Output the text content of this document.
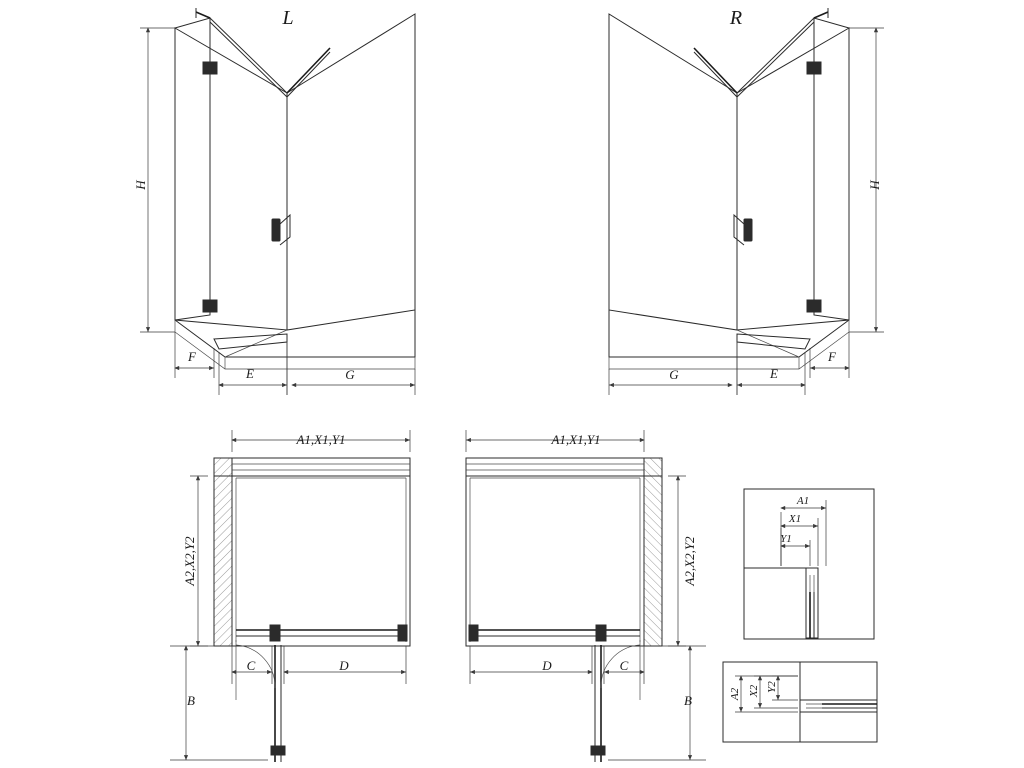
L
H
F
E	G
R
H
F
E
G
A1,X1,Y1
A2,X2,Y2
C	D
B
A1,X1,Y1
A2,X2,Y2
C
D
B
A1
X1
Y1
A2 X2 Y2
